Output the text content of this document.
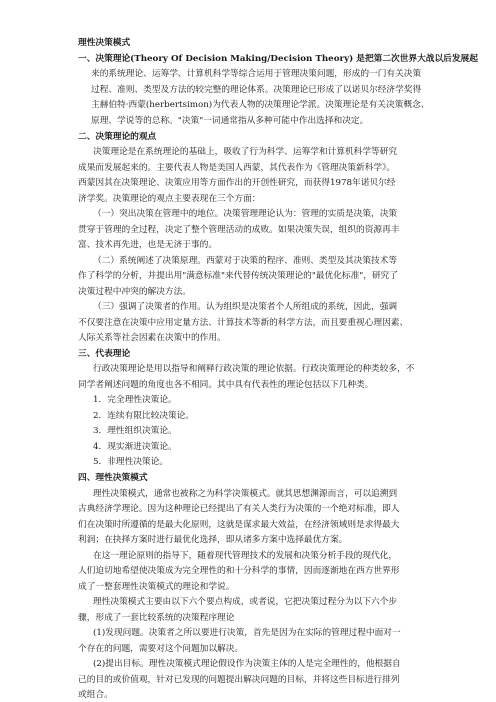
理性决策模式
一、决策理论(Theory Of Decision Making/Decision Theory) 是把第二次世界大战以后发展起
来的系统理论、运筹学、计算机科学等综合运用于管理决策问题，形成的一门有关决策
过程、准则、类型及方法的较完整的理论体系。决策理论已形成了以诺贝尔经济学奖得
主赫伯特·西蒙(herbertsimon)为代表人物的决策理论学派。决策理论是有关决策概念、
原理、学说等的总称。"决策"一词通常指从多种可能中作出选择和决定。
二、决策理论的观点
决策理论是在系统理论的基础上，吸收了行为科学、运筹学和计算机科学等研究
成果而发展起来的。主要代表人物是美国人西蒙，其代表作为《管理决策新科学》。
西蒙因其在决策理论、决策应用等方面作出的开创性研究，而获得1978年诺贝尔经
济学奖。决策理论的观点主要表现在三个方面：
（一）突出决策在管理中的地位。决策管理理论认为：管理的实质是决策，决策
贯穿于管理的全过程，决定了整个管理活动的成败。如果决策失误，组织的资源再丰
富、技术再先进，也是无济于事的。
（二）系统阐述了决策原理。西蒙对于决策的程序、准则、类型及其决策技术等
作了科学的分析，并提出用"满意标准"来代替传统决策理论的"最优化标准"，研究了
决策过程中冲突的解决方法。
（三）强调了决策者的作用。认为组织是决策者个人所组成的系统，因此，强调
不仅要注意在决策中应用定量方法、计算技术等新的科学方法，而且要重视心理因素、
人际关系等社会因素在决策中的作用。
三、代表理论
行政决策理论是用以指导和阐释行政决策的理论依据。行政决策理论的种类较多，不
同学者阐述问题的角度也各不相同。其中具有代表性的理论包括以下几种类。
1．完全理性决策论。
2．连续有限比较决策论。
3．理性组织决策论。
4．现实渐进决策论。
5．非理性决策论。
四、理性决策模式
理性决策模式，通常也被称之为科学决策模式。就其思想渊源而言，可以追溯到
古典经济学理论。因为这种理论已经提出了有关人类行为决策的一个绝对标准，即人
们在决策时所遵循的是最大化原则，这就是谋求最大效益，在经济领域则是求得最大
利润；在抉择方案时进行最优化选择，即从诸多方案中选择最优方案。
在这一理论原则的指导下，随着现代管理技术的发展和决策分析手段的现代化，
人们迫切地希望使决策成为完全理性的和十分科学的事情，因而逐渐地在西方世界形
成了一整套理性决策模式的理论和学说。
理性决策模式主要由以下六个要点构成，或者说，它把决策过程分为以下六个步
骤，形成了一套比较系统的决策程序理论
(1)发现问题。决策者之所以要进行决策，首先是因为在实际的管理过程中面对一
个存在的问题，需要对这个问题加以解决。
(2)提出目标。理性决策模式理论假设作为决策主体的人是完全理性的，他根据自
己的目的或价值观，针对已发现的问题提出解决问题的目标，并将这些目标进行排列
或组合。
